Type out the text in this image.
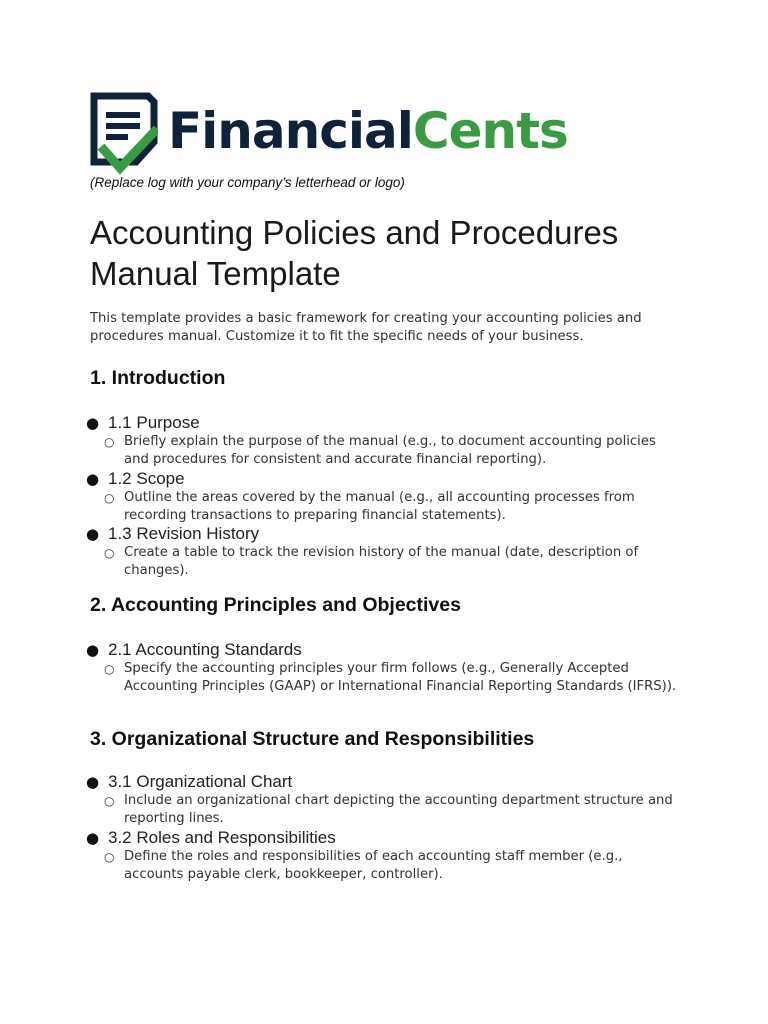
FinancialCents
(Replace log with your company’s letterhead or logo)
Accounting Policies and Procedures Manual Template

This template provides a basic framework for creating your accounting policies and procedures manual. Customize it to fit the specific needs of your business.

1. Introduction
● 1.1 Purpose
○ Briefly explain the purpose of the manual (e.g., to document accounting policies and procedures for consistent and accurate financial reporting).

● 1.2 Scope
○ Outline the areas covered by the manual (e.g., all accounting processes from recording transactions to preparing financial statements).

● 1.3 Revision History
○ Create a table to track the revision history of the manual (date, description of changes).

2. Accounting Principles and Objectives
● 2.1 Accounting Standards
○ Specify the accounting principles your firm follows (e.g., Generally Accepted Accounting Principles (GAAP) or International Financial Reporting Standards (IFRS)).

3. Organizational Structure and Responsibilities
● 3.1 Organizational Chart
○ Include an organizational chart depicting the accounting department structure and reporting lines.

● 3.2 Roles and Responsibilities
○ Define the roles and responsibilities of each accounting staff member (e.g., accounts payable clerk, bookkeeper, controller).
